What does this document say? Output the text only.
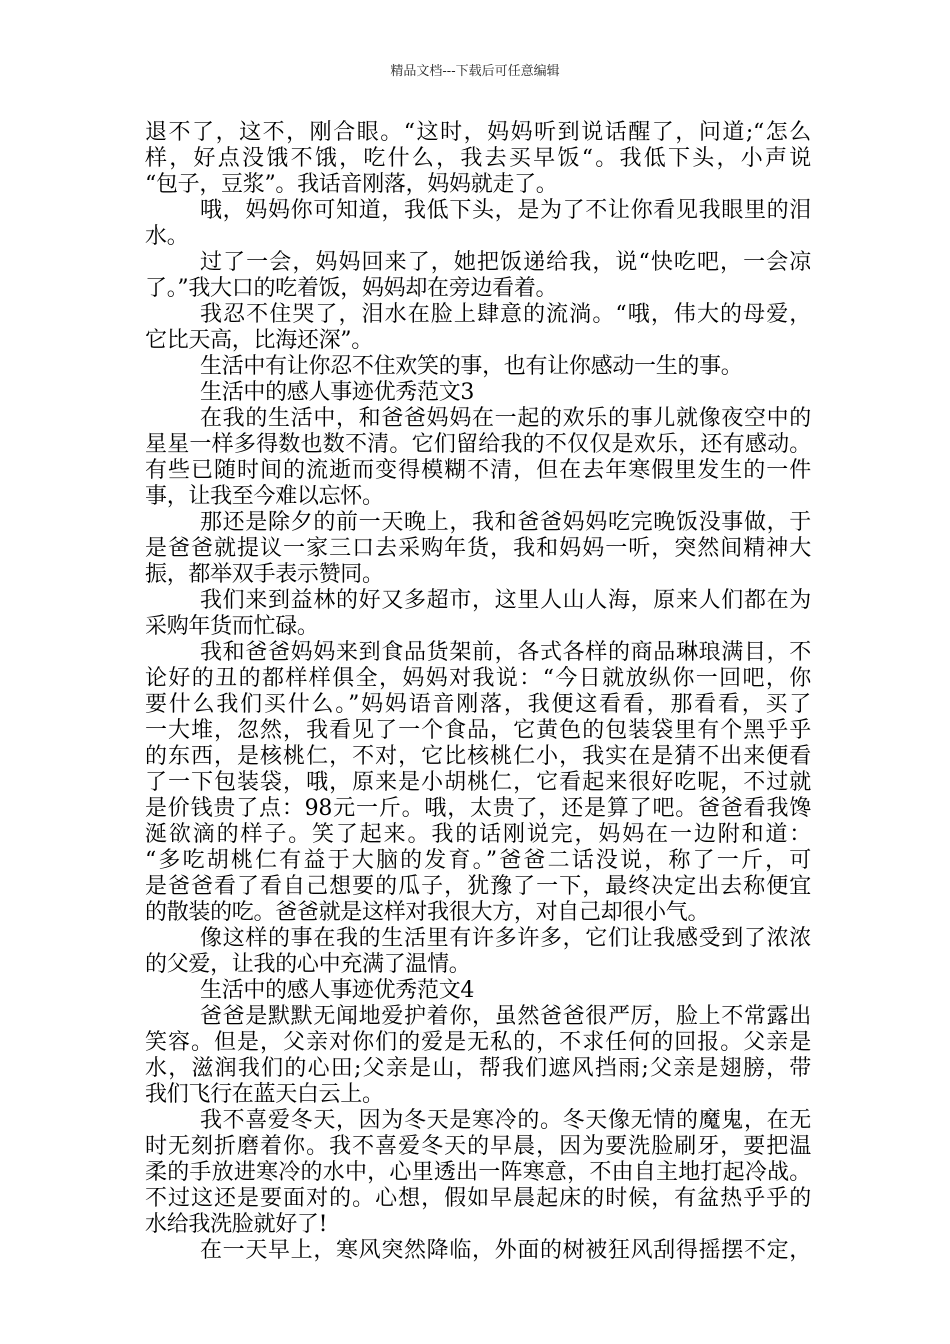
精品文档---下载后可任意编辑
退不了，这不，刚合眼。“这时，妈妈听到说话醒了，问道;“怎么
样，好点没饿不饿，吃什么，我去买早饭“。我低下头，小声说
“包子，豆浆”。我话音刚落，妈妈就走了。
哦，妈妈你可知道，我低下头，是为了不让你看见我眼里的泪
水。
过了一会，妈妈回来了，她把饭递给我，说“快吃吧，一会凉
了。”我大口的吃着饭，妈妈却在旁边看着。
我忍不住哭了，泪水在脸上肆意的流淌。“哦，伟大的母爱，
它比天高，比海还深”。
生活中有让你忍不住欢笑的事，也有让你感动一生的事。
生活中的感人事迹优秀范文3
在我的生活中，和爸爸妈妈在一起的欢乐的事儿就像夜空中的
星星一样多得数也数不清。它们留给我的不仅仅是欢乐，还有感动。
有些已随时间的流逝而变得模糊不清，但在去年寒假里发生的一件
事，让我至今难以忘怀。
那还是除夕的前一天晚上，我和爸爸妈妈吃完晚饭没事做，于
是爸爸就提议一家三口去采购年货，我和妈妈一听，突然间精神大
振，都举双手表示赞同。
我们来到益林的好又多超市，这里人山人海，原来人们都在为
采购年货而忙碌。
我和爸爸妈妈来到食品货架前，各式各样的商品琳琅满目，不
论好的丑的都样样俱全，妈妈对我说：“今日就放纵你一回吧，你
要什么我们买什么。”妈妈语音刚落，我便这看看，那看看，买了
一大堆，忽然，我看见了一个食品，它黄色的包装袋里有个黑乎乎
的东西，是核桃仁，不对，它比核桃仁小，我实在是猜不出来便看
了一下包装袋，哦，原来是小胡桃仁，它看起来很好吃呢，不过就
是价钱贵了点：98元一斤。哦，太贵了，还是算了吧。爸爸看我馋
涎欲滴的样子。笑了起来。我的话刚说完，妈妈在一边附和道：
“多吃胡桃仁有益于大脑的发育。”爸爸二话没说，称了一斤，可
是爸爸看了看自己想要的瓜子，犹豫了一下，最终决定出去称便宜
的散装的吃。爸爸就是这样对我很大方，对自己却很小气。
像这样的事在我的生活里有许多许多，它们让我感受到了浓浓
的父爱，让我的心中充满了温情。
生活中的感人事迹优秀范文4
爸爸是默默无闻地爱护着你，虽然爸爸很严厉，脸上不常露出
笑容。但是，父亲对你们的爱是无私的，不求任何的回报。父亲是
水，滋润我们的心田;父亲是山，帮我们遮风挡雨;父亲是翅膀，带
我们飞行在蓝天白云上。
我不喜爱冬天，因为冬天是寒冷的。冬天像无情的魔鬼，在无
时无刻折磨着你。我不喜爱冬天的早晨，因为要洗脸刷牙，要把温
柔的手放进寒冷的水中，心里透出一阵寒意，不由自主地打起冷战。
不过这还是要面对的。心想，假如早晨起床的时候，有盆热乎乎的
水给我洗脸就好了!
在一天早上，寒风突然降临，外面的树被狂风刮得摇摆不定，
